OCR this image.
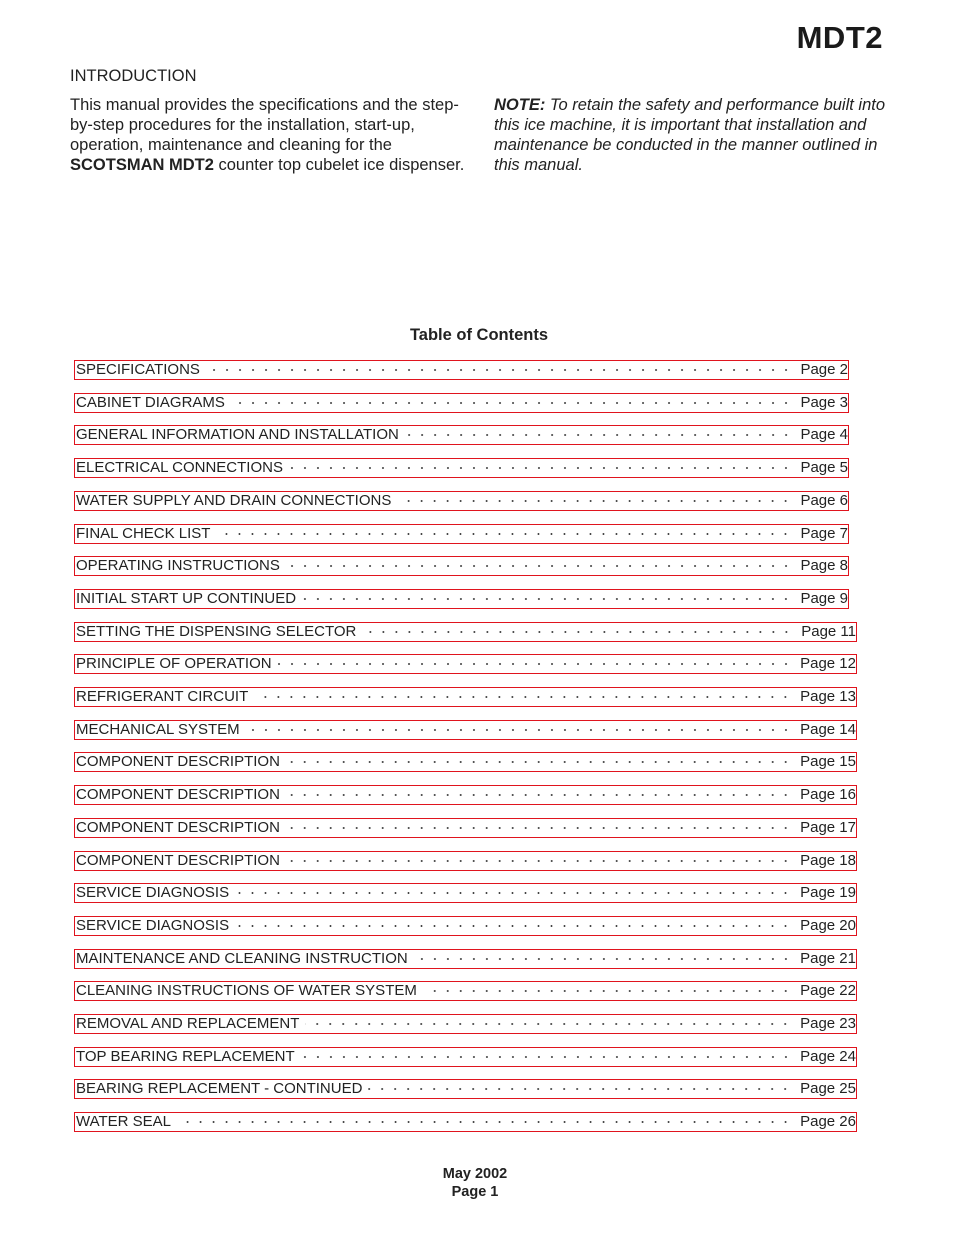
MDT2
INTRODUCTION
This manual provides the specifications and the step-by-step procedures for the installation, start-up, operation, maintenance and cleaning for the SCOTSMAN MDT2 counter top cubelet ice dispenser.
NOTE: To retain the safety and performance built into this ice machine, it is important that installation and maintenance be conducted in the manner outlined in this manual.
Table of Contents
SPECIFICATIONS	Page 2
CABINET DIAGRAMS	Page 3
GENERAL INFORMATION AND INSTALLATION	Page 4
ELECTRICAL CONNECTIONS	Page 5
WATER SUPPLY AND DRAIN CONNECTIONS	Page 6
FINAL CHECK LIST	Page 7
OPERATING INSTRUCTIONS	Page 8
INITIAL START UP CONTINUED	Page 9
SETTING THE DISPENSING SELECTOR	Page 11
PRINCIPLE OF OPERATION	Page 12
REFRIGERANT CIRCUIT	Page 13
MECHANICAL SYSTEM	Page 14
COMPONENT DESCRIPTION	Page 15
COMPONENT DESCRIPTION	Page 16
COMPONENT DESCRIPTION	Page 17
COMPONENT DESCRIPTION	Page 18
SERVICE DIAGNOSIS	Page 19
SERVICE DIAGNOSIS	Page 20
MAINTENANCE AND CLEANING INSTRUCTION	Page 21
CLEANING INSTRUCTIONS OF WATER SYSTEM	Page 22
REMOVAL AND REPLACEMENT	Page 23
TOP BEARING REPLACEMENT	Page 24
BEARING REPLACEMENT - CONTINUED	Page 25
WATER SEAL	Page 26
May 2002
Page 1
